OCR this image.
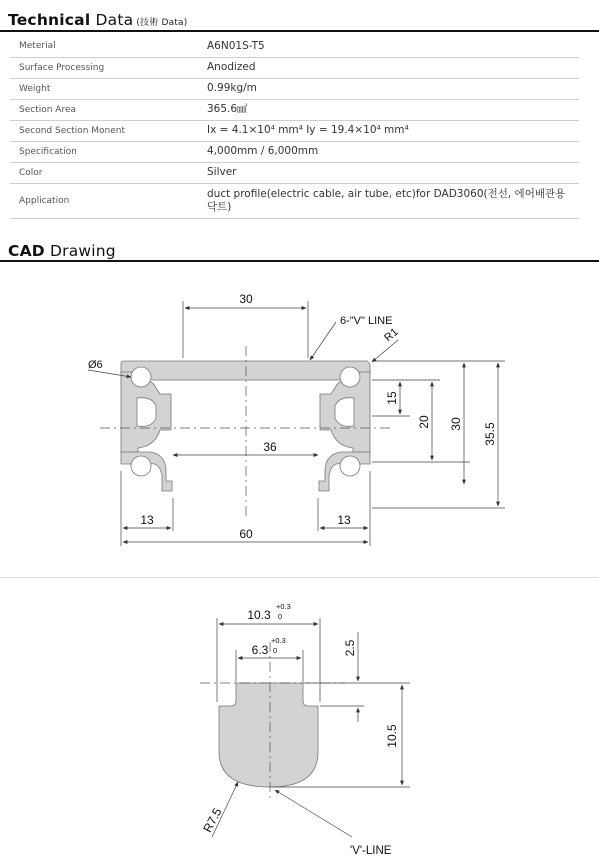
Technical Data (技術 Data)
Meterial	A6N01S-T5
Surface Processing	Anodized
Weight	0.99kg/m
Section Area	365.6㎟
Second Section Monent	Ix = 4.1×10⁴ mm⁴ Iy = 19.4×10⁴ mm⁴
Specification	4,000mm / 6,000mm
Color	Silver
Application	duct profile(electric cable, air tube, etc)for DAD3060(전선, 에어배관용 닥트)
CAD Drawing
30
6-"V" LINE
R1
Ø6
36
13	13
60
15
20 30 35.5
10.3
+0.3
0
6.3
+0.3
0	2.5
10.5
R7.5
'V'-LINE
